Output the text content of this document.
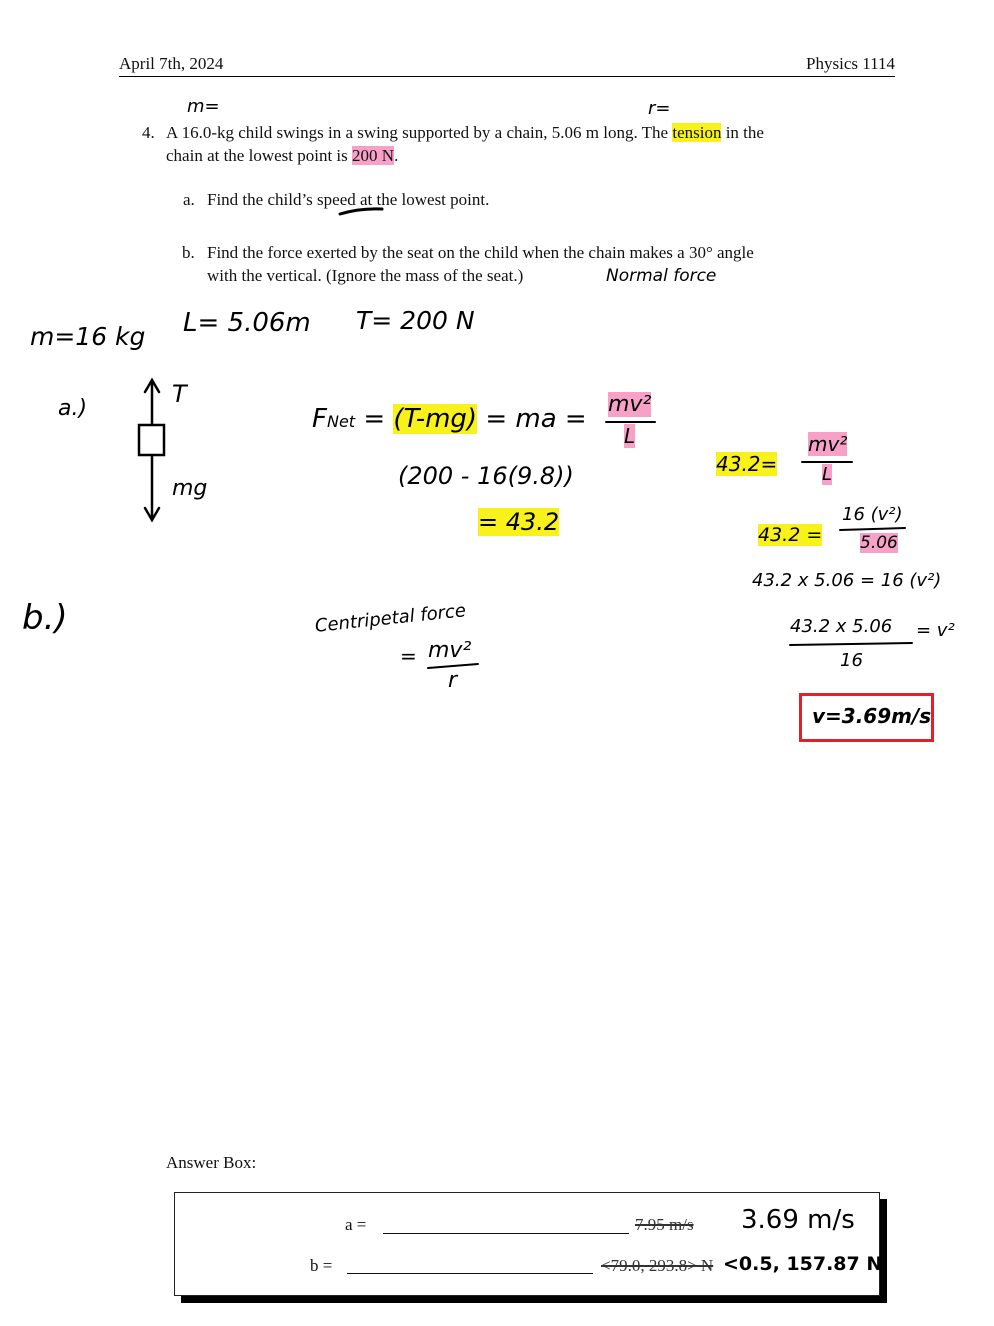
April 7th, 2024	Physics 1114
4. A 16.0-kg child swings in a swing supported by a chain, 5.06 m long. The tension in the
chain at the lowest point is 200 N.
a. Find the child’s speed at the lowest point.
b. Find the force exerted by the seat on the child when the chain makes a 30° angle
with the vertical. (Ignore the mass of the seat.)
m=	r=
Normal force
m=16 kg L= 5.06m T= 200 N
a.)
b.)
T
mg
FNet = (T-mg) = ma = mv²
L
(200 - 16(9.8))
= 43.2
43.2=
mv²
L
43.2 =
16 (v²)
5.06
43.2 x 5.06 = 16 (v²)
43.2 x 5.06
16
= v²
v=3.69m/s
Centripetal force
= mv²
r
Answer Box:
a =	7.95 m/s 3.69 m/s
b =	<79.0, 293.8> N <0.5, 157.87 N
